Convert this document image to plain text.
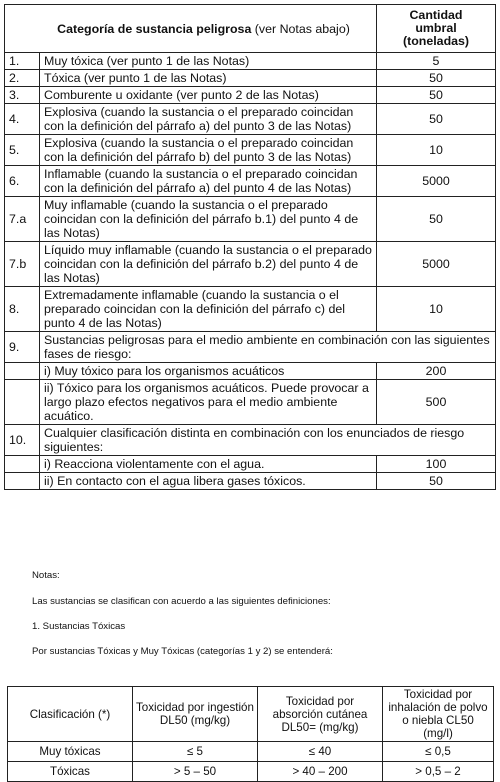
Categoría de sustancia peligrosa (ver Notas abajo)		Cantidad
umbral
(toneladas)

1.	Muy tóxica (ver punto 1 de las Notas)	5
2.	Tóxica (ver punto 1 de las Notas)	50
3.	Comburente u oxidante (ver punto 2 de las Notas)	50
4.	Explosiva (cuando la sustancia o el preparado coincidan con la definición del párrafo a) del punto 3 de las Notas)	50
5.	Explosiva (cuando la sustancia o el preparado coincidan con la definición del párrafo b) del punto 3 de las Notas)	10
6.	Inflamable (cuando la sustancia o el preparado coincidan con la definición del párrafo a) del punto 4 de las Notas)	5000
7.a	Muy inflamable (cuando la sustancia o el preparado coincidan con la definición del párrafo b.1) del punto 4 de las Notas)	50
7.b	Líquido muy inflamable (cuando la sustancia o el preparado coincidan con la definición del párrafo b.2) del punto 4 de las Notas)	5000
8.	Extremadamente inflamable (cuando la sustancia o el preparado coincidan con la definición del párrafo c) del punto 4 de las Notas)	10
9.	Sustancias peligrosas para el medio ambiente en combinación con las siguientes fases de riesgo:	
	i) Muy tóxico para los organismos acuáticos	200
	ii) Tóxico para los organismos acuáticos. Puede provocar a largo plazo efectos negativos para el medio ambiente acuático.	500
10.	Cualquier clasificación distinta en combinación con los enunciados de riesgo siguientes:	
	i) Reacciona violentamente con el agua.	100
	ii) En contacto con el agua libera gases tóxicos.	50
Notas:
Las sustancias se clasifican con acuerdo a las siguientes definiciones:
1. Sustancias Tóxicas
Por sustancias Tóxicas y Muy Tóxicas (categorías 1 y 2) se entenderá:
Clasificación (*)	Toxicidad por ingestión DL50 (mg/kg)	Toxicidad por absorción cutánea DL50= (mg/kg)	Toxicidad por inhalación de polvo o niebla CL50 (mg/l)
Muy tóxicas	≤ 5	≤ 40	≤ 0,5
Tóxicas	> 5 – 50	> 40 – 200	> 0,5 – 2
